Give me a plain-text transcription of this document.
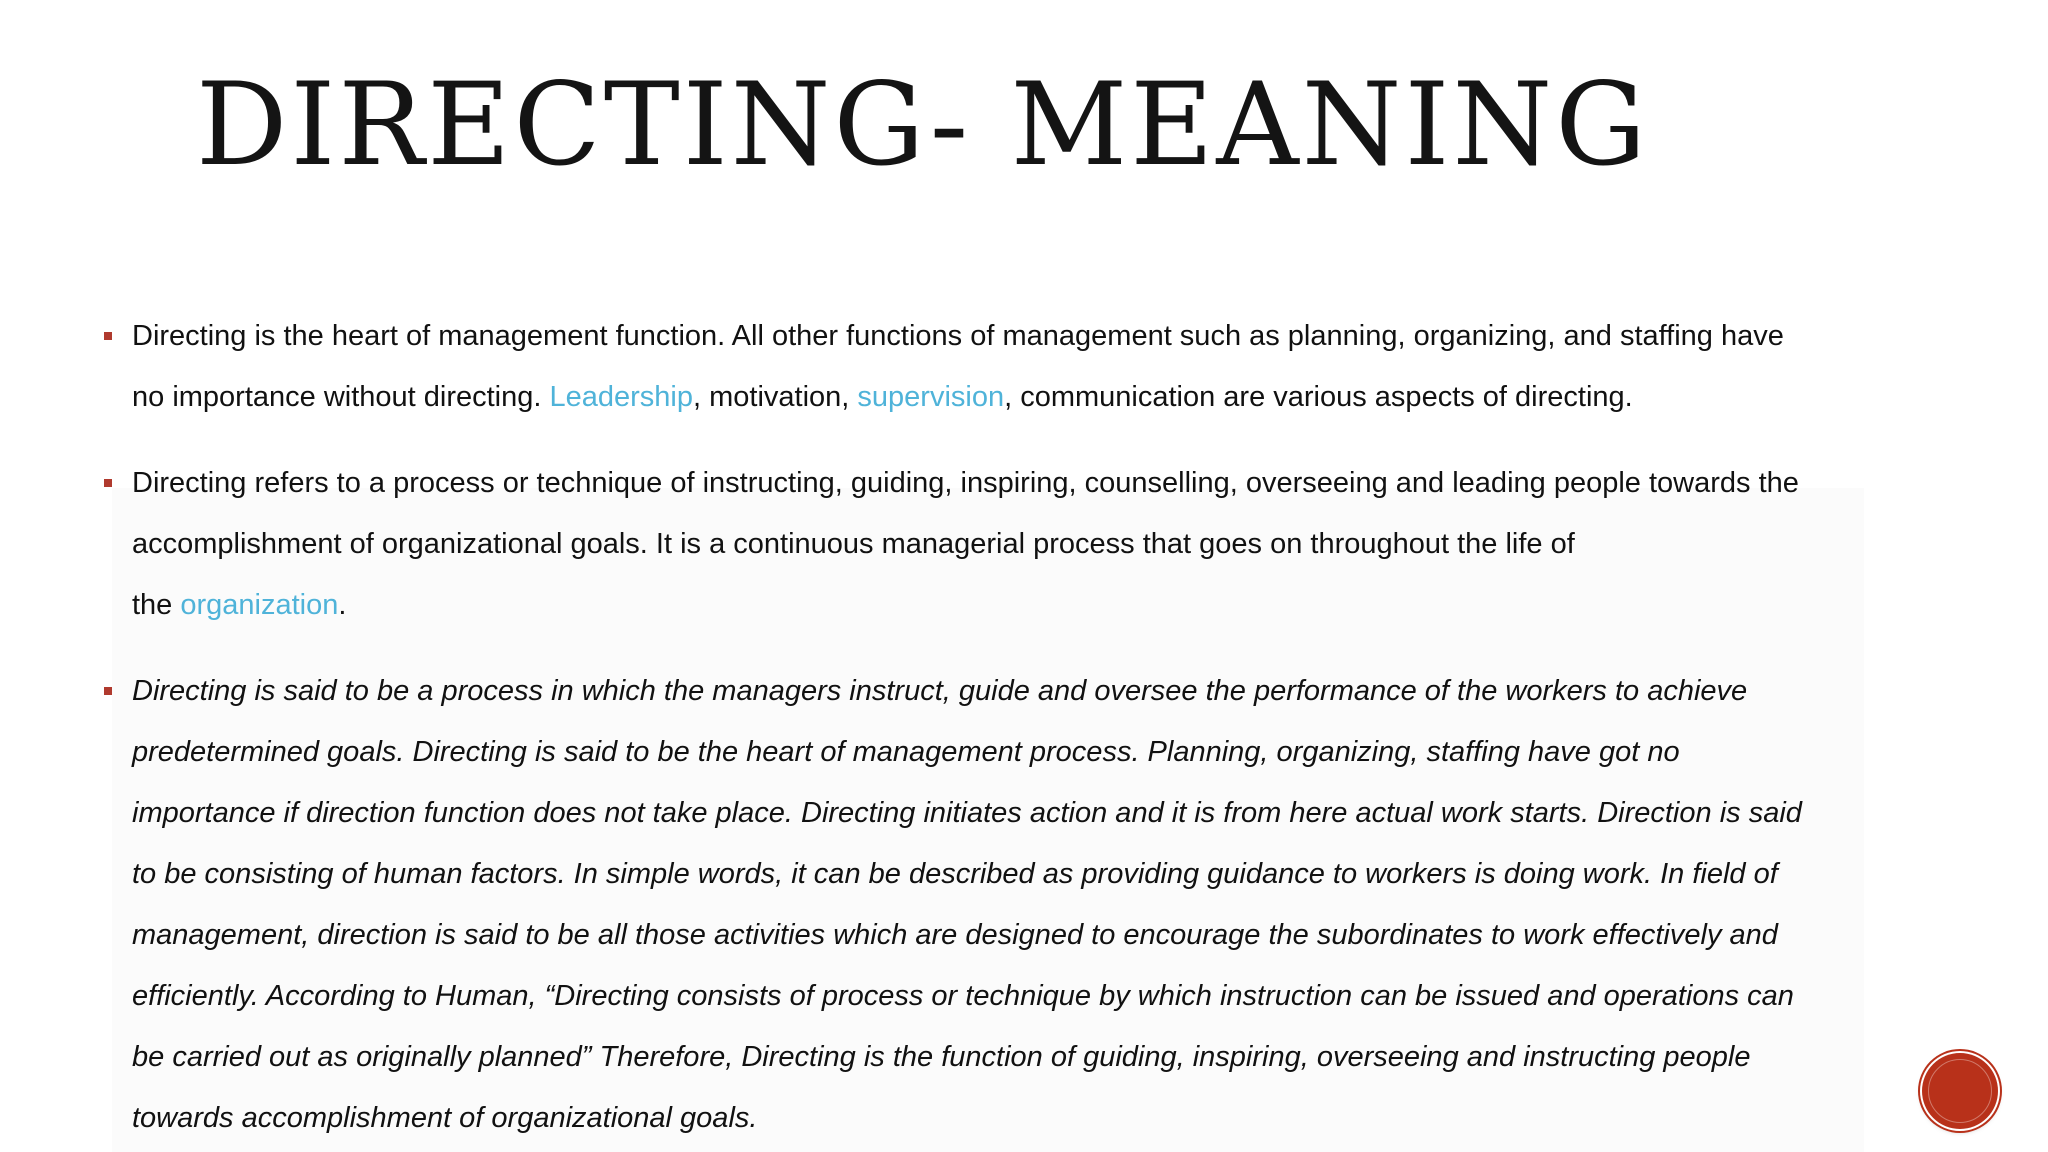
DIRECTING- MEANING
Directing is the heart of management function. All other functions of management such as planning, organizing, and staffing have
no importance without directing. Leadership, motivation, supervision, communication are various aspects of directing.
Directing refers to a process or technique of instructing, guiding, inspiring, counselling, overseeing and leading people towards the
accomplishment of organizational goals. It is a continuous managerial process that goes on throughout the life of
the organization.
Directing is said to be a process in which the managers instruct, guide and oversee the performance of the workers to achieve
predetermined goals. Directing is said to be the heart of management process. Planning, organizing, staffing have got no
importance if direction function does not take place. Directing initiates action and it is from here actual work starts. Direction is said
to be consisting of human factors. In simple words, it can be described as providing guidance to workers is doing work. In field of
management, direction is said to be all those activities which are designed to encourage the subordinates to work effectively and
efficiently. According to Human, “Directing consists of process or technique by which instruction can be issued and operations can
be carried out as originally planned” Therefore, Directing is the function of guiding, inspiring, overseeing and instructing people
towards accomplishment of organizational goals.
